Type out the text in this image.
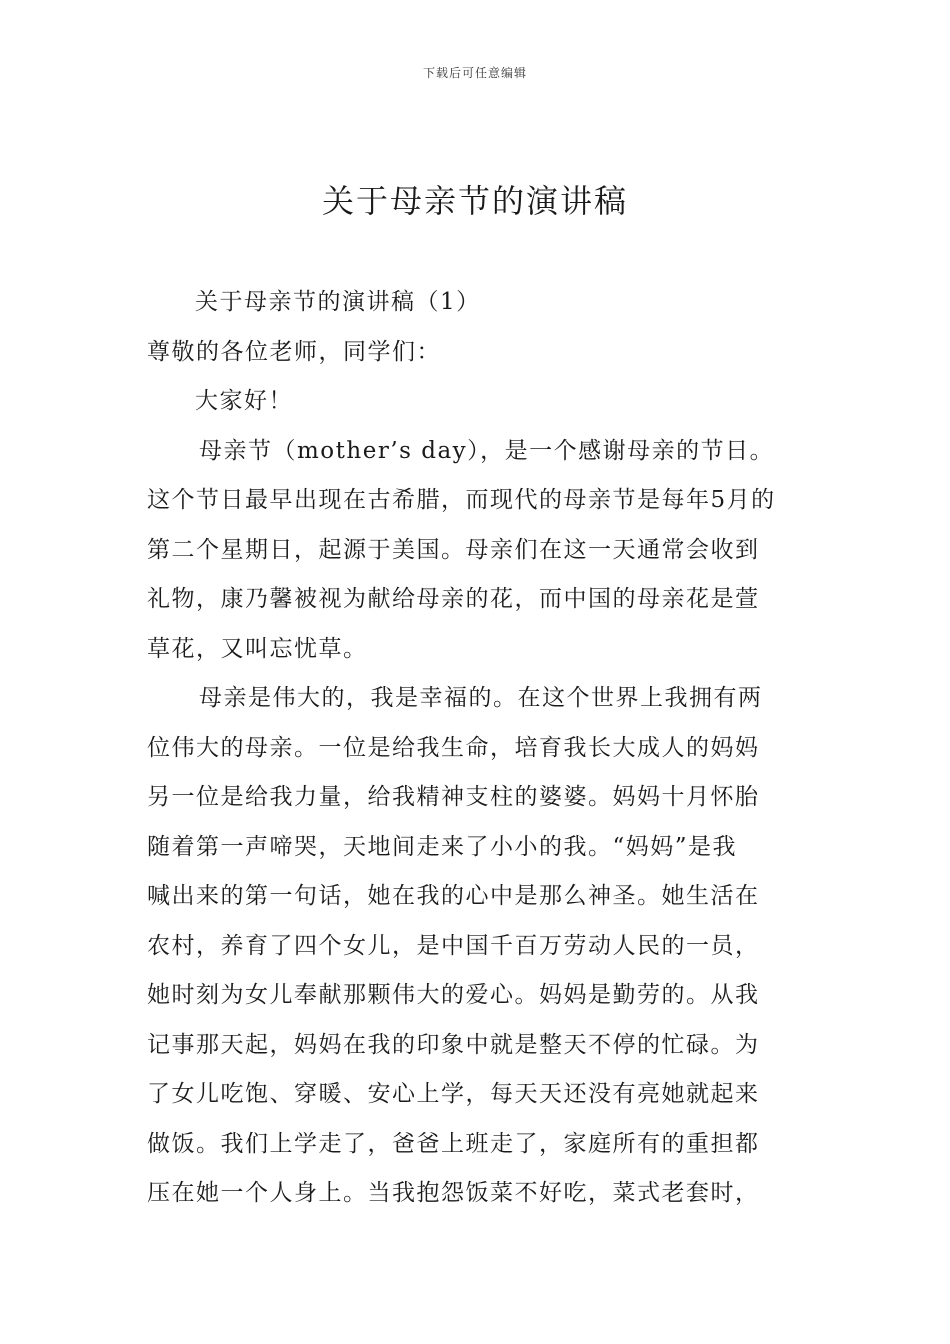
下载后可任意编辑
关于母亲节的演讲稿
关于母亲节的演讲稿（1）
尊敬的各位老师，同学们：
大家好！
母亲节（mother’s day），是一个感谢母亲的节日。
这个节日最早出现在古希腊，而现代的母亲节是每年5月的
第二个星期日，起源于美国。母亲们在这一天通常会收到
礼物，康乃馨被视为献给母亲的花，而中国的母亲花是萱
草花，又叫忘忧草。
母亲是伟大的，我是幸福的。在这个世界上我拥有两
位伟大的母亲。一位是给我生命，培育我长大成人的妈妈
另一位是给我力量，给我精神支柱的婆婆。妈妈十月怀胎
随着第一声啼哭，天地间走来了小小的我。“妈妈”是我
喊出来的第一句话，她在我的心中是那么神圣。她生活在
农村，养育了四个女儿，是中国千百万劳动人民的一员，
她时刻为女儿奉献那颗伟大的爱心。妈妈是勤劳的。从我
记事那天起，妈妈在我的印象中就是整天不停的忙碌。为
了女儿吃饱、穿暖、安心上学，每天天还没有亮她就起来
做饭。我们上学走了，爸爸上班走了，家庭所有的重担都
压在她一个人身上。当我抱怨饭菜不好吃，菜式老套时，
